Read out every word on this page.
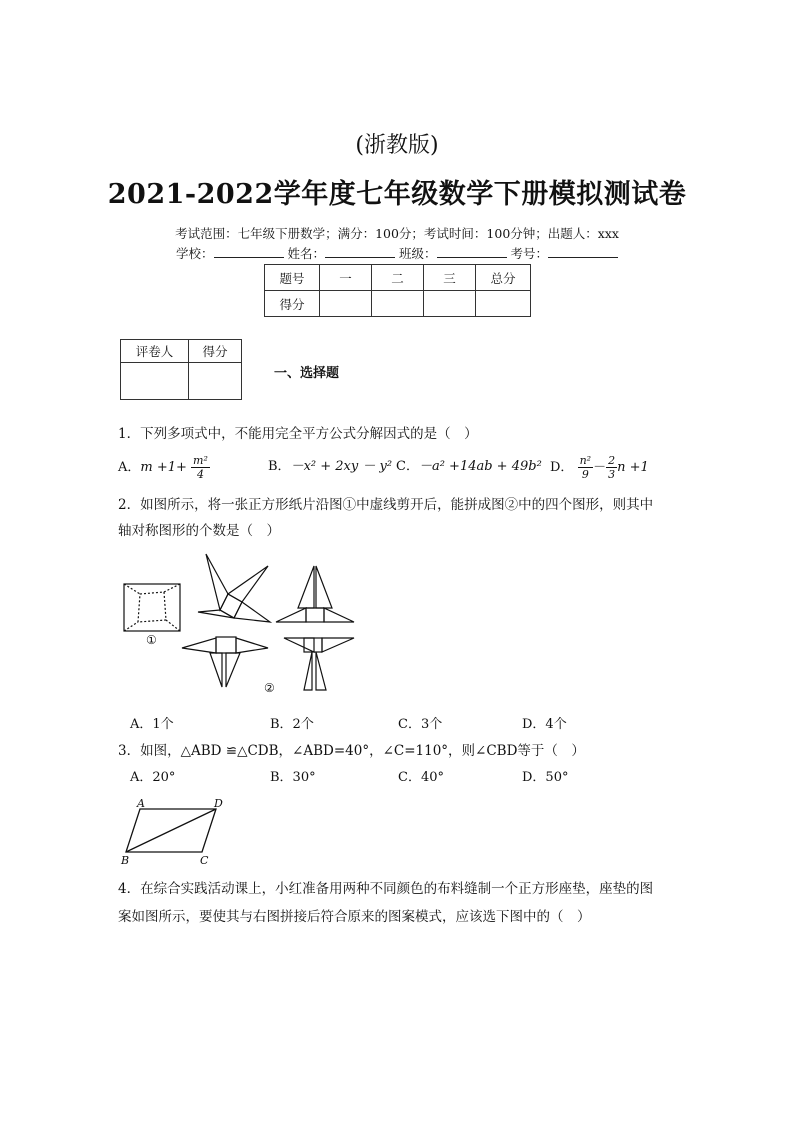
(浙教版)
2021-2022学年度七年级数学下册模拟测试卷
考试范围：七年级下册数学；满分：100分；考试时间：100分钟；出题人：xxx
学校：	姓名：	班级：	考号：
题号	一	二	三	总分
得分				
评卷人	得分

一、选择题
1．下列多项式中，不能用完全平方公式分解因式的是（　）
A．$m +1+ \frac{\text{m²}}{4}$	B．－x² + 2xy － y² C．－a² +14ab + 49b² D． $\frac{\text{n²}}{9} - \frac{2}{3}$ n +1
2．如图所示，将一张正方形纸片沿图①中虚线剪开后，能拼成图②中的四个图形，则其中
轴对称图形的个数是（　）
①
②
A．1个	B．2个	C．3个	D．4个
3．如图，△ABD ≌△CDB，∠ABD=40°，∠C=110°，则∠CBD等于（　）
A．20°	B．30°	C．40°	D．50°
A	D
B	C
4．在综合实践活动课上，小红准备用两种不同颜色的布料缝制一个正方形座垫，座垫的图
案如图所示，要使其与右图拼接后符合原来的图案模式，应该选下图中的（　）
